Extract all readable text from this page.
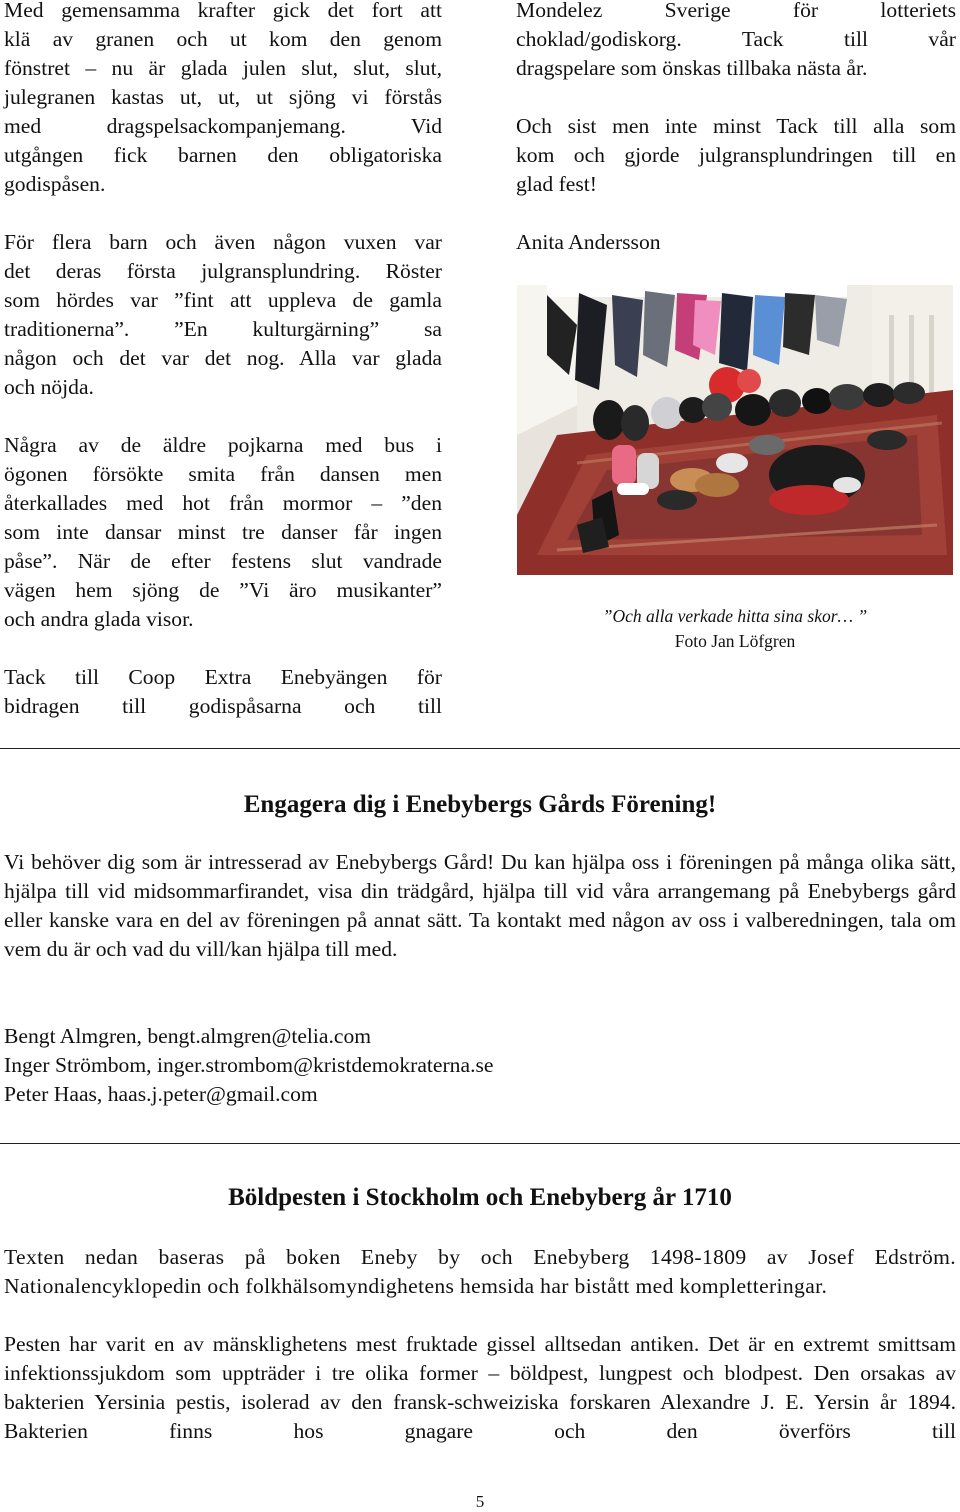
Med gemensamma krafter gick det fort att

klä av granen och ut kom den genom

fönstret – nu är glada julen slut, slut, slut,

julegranen kastas ut, ut, ut sjöng vi förstås

med dragspelsackompanjemang. Vid

utgången fick barnen den obligatoriska

godispåsen.

För flera barn och även någon vuxen var

det deras första julgransplundring. Röster

som hördes var ”fint att uppleva de gamla

traditionerna”. ”En kulturgärning” sa

någon och det var det nog. Alla var glada

och nöjda.

Några av de äldre pojkarna med bus i

ögonen försökte smita från dansen men

återkallades med hot från mormor – ”den

som inte dansar minst tre danser får ingen

påse”. När de efter festens slut vandrade

vägen hem sjöng de ”Vi äro musikanter”

och andra glada visor.

Tack till Coop Extra Enebyängen för

bidragen till godispåsarna och till

Mondelez Sverige för lotteriets

choklad/godiskorg. Tack till vår

dragspelare som önskas tillbaka nästa år.

Och sist men inte minst Tack till alla som

kom och gjorde julgransplundringen till en

glad fest!

Anita Andersson

”Och alla verkade hitta sina skor… ”
Foto Jan Löfgren
Engagera dig i Enebybergs Gårds Förening!

Vi behöver dig som är intresserad av Enebybergs Gård! Du kan hjälpa oss i föreningen på många olika sätt, hjälpa till vid midsommarfirandet, visa din trädgård, hjälpa till vid våra arrangemang på Enebybergs gård eller kanske vara en del av föreningen på annat sätt. Ta kontakt med någon av oss i valberedningen, tala om vem du är och vad du vill/kan hjälpa till med.

Bengt Almgren, bengt.almgren@telia.com

Inger Strömbom, inger.strombom@kristdemokraterna.se

Peter Haas, haas.j.peter@gmail.com

Böldpesten i Stockholm och Enebyberg år 1710

Texten nedan baseras på boken Eneby by och Enebyberg 1498-1809 av Josef Edström. Nationalencyklopedin och folkhälsomyndighetens hemsida har bistått med kompletteringar.

Pesten har varit en av mänsklighetens mest fruktade gissel alltsedan antiken. Det är en extremt smittsam infektionssjukdom som uppträder i tre olika former – böldpest, lungpest och blodpest. Den orsakas av bakterien Yersinia pestis, isolerad av den fransk-schweiziska forskaren Alexandre J. E. Yersin år 1894. Bakterien finns hos gnagare och den överförs till

5
